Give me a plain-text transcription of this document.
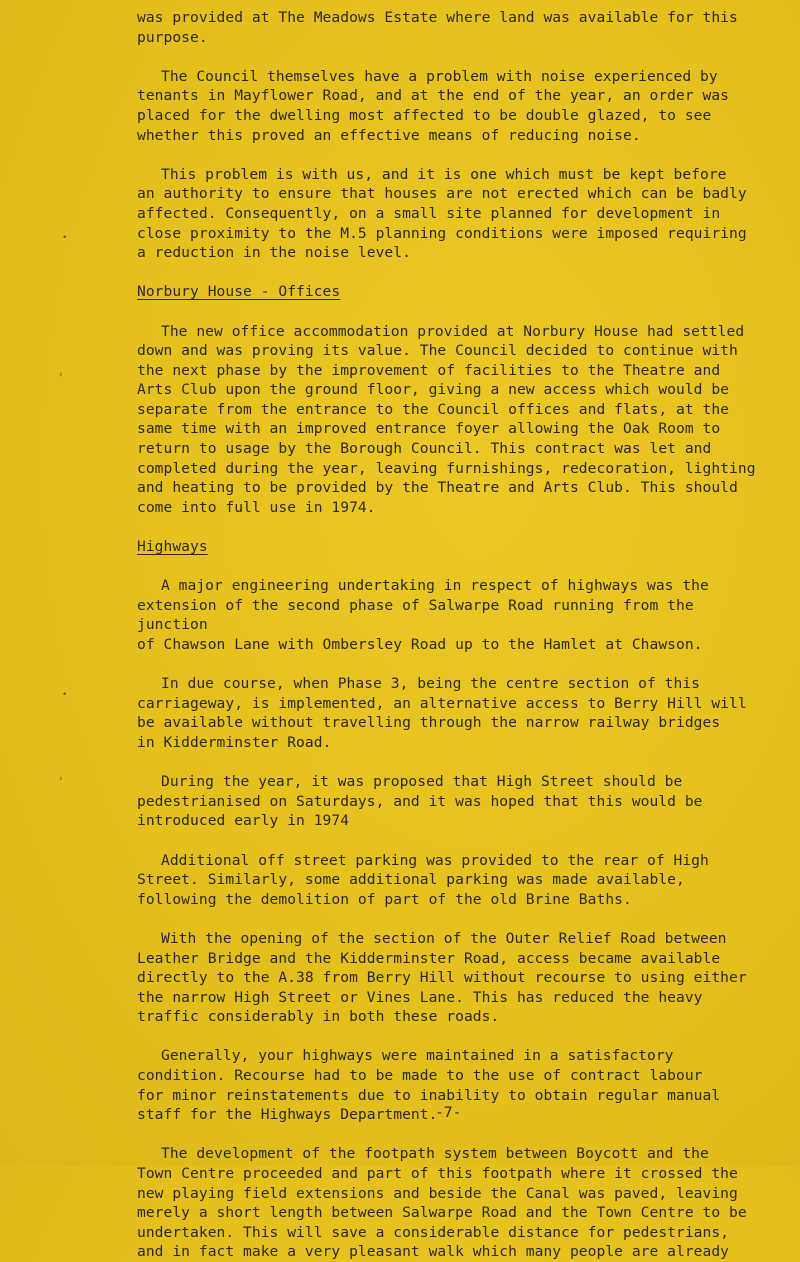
was provided at The Meadows Estate where land was available for this
purpose.
The Council themselves have a problem with noise experienced by
tenants in Mayflower Road, and at the end of the year, an order was
placed for the dwelling most affected to be double glazed, to see
whether this proved an effective means of reducing noise.
This problem is with us, and it is one which must be kept before
an authority to ensure that houses are not erected which can be badly
affected. Consequently, on a small site planned for development in
close proximity to the M.5 planning conditions were imposed requiring
a reduction in the noise level.
Norbury House - Offices
The new office accommodation provided at Norbury House had settled
down and was proving its value. The Council decided to continue with
the next phase by the improvement of facilities to the Theatre and
Arts Club upon the ground floor, giving a new access which would be
separate from the entrance to the Council offices and flats, at the
same time with an improved entrance foyer allowing the Oak Room to
return to usage by the Borough Council. This contract was let and
completed during the year, leaving furnishings, redecoration, lighting
and heating to be provided by the Theatre and Arts Club. This should
come into full use in 1974.
Highways
A major engineering undertaking in respect of highways was the
extension of the second phase of Salwarpe Road running from the junction
of Chawson Lane with Ombersley Road up to the Hamlet at Chawson.
In due course, when Phase 3, being the centre section of this
carriageway, is implemented, an alternative access to Berry Hill will
be available without travelling through the narrow railway bridges
in Kidderminster Road.
During the year, it was proposed that High Street should be
pedestrianised on Saturdays, and it was hoped that this would be
introduced early in 1974
Additional off street parking was provided to the rear of High
Street. Similarly, some additional parking was made available,
following the demolition of part of the old Brine Baths.
With the opening of the section of the Outer Relief Road between
Leather Bridge and the Kidderminster Road, access became available
directly to the A.38 from Berry Hill without recourse to using either
the narrow High Street or Vines Lane. This has reduced the heavy
traffic considerably in both these roads.
Generally, your highways were maintained in a satisfactory
condition. Recourse had to be made to the use of contract labour
for minor reinstatements due to inability to obtain regular manual
staff for the Highways Department.
The development of the footpath system between Boycott and the
Town Centre proceeded and part of this footpath where it crossed the
new playing field extensions and beside the Canal was paved, leaving
merely a short length between Salwarpe Road and the Town Centre to be
undertaken. This will save a considerable distance for pedestrians,
and in fact make a very pleasant walk which many people are already
-7-
•
›
•
›
